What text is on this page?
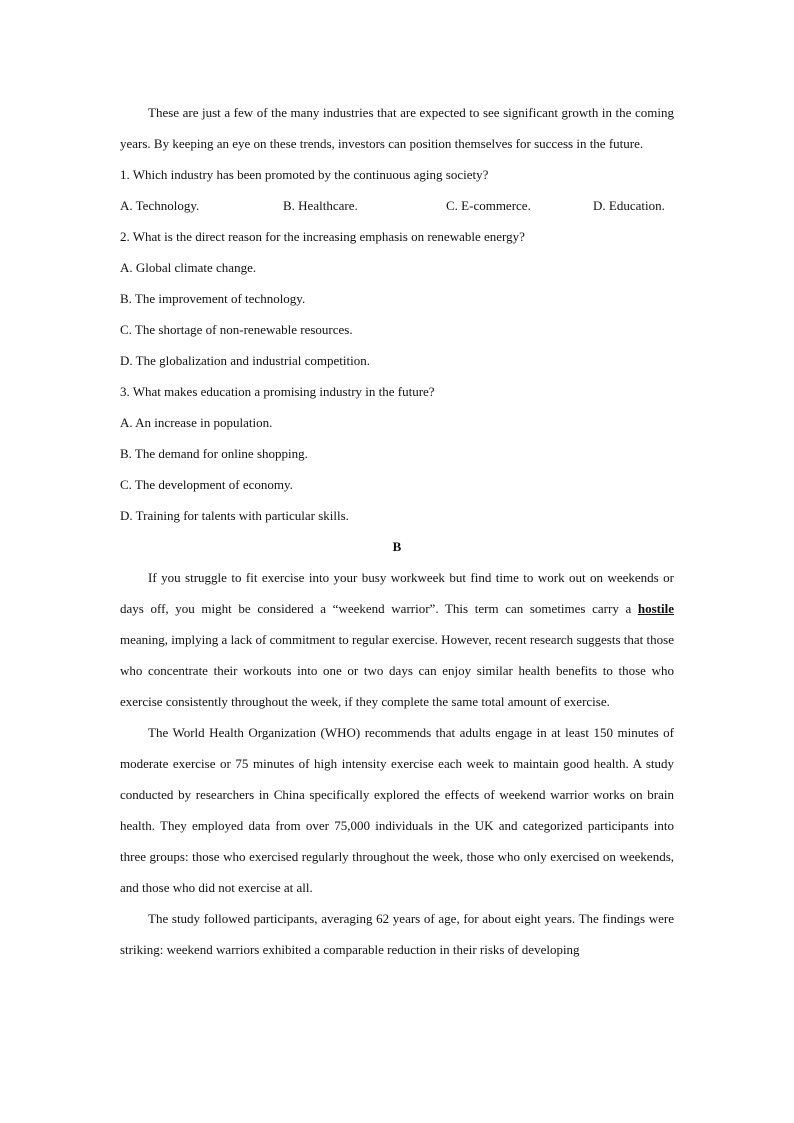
These are just a few of the many industries that are expected to see significant growth in the coming years. By keeping an eye on these trends, investors can position themselves for success in the future.

1. Which industry has been promoted by the continuous aging society?

A. Technology.	B. Healthcare.	C. E-commerce.	D. Education.

2. What is the direct reason for the increasing emphasis on renewable energy?

A. Global climate change.

B. The improvement of technology.

C. The shortage of non-renewable resources.

D. The globalization and industrial competition.

3. What makes education a promising industry in the future?

A. An increase in population.

B. The demand for online shopping.

C. The development of economy.

D. Training for talents with particular skills.

B

If you struggle to fit exercise into your busy workweek but find time to work out on weekends or days off, you might be considered a “weekend warrior”. This term can sometimes carry a hostile meaning, implying a lack of commitment to regular exercise. However, recent research suggests that those who concentrate their workouts into one or two days can enjoy similar health benefits to those who exercise consistently throughout the week, if they complete the same total amount of exercise.

The World Health Organization (WHO) recommends that adults engage in at least 150 minutes of moderate exercise or 75 minutes of high intensity exercise each week to maintain good health. A study conducted by researchers in China specifically explored the effects of weekend warrior works on brain health. They employed data from over 75,000 individuals in the UK and categorized participants into three groups: those who exercised regularly throughout the week, those who only exercised on weekends, and those who did not exercise at all.

The study followed participants, averaging 62 years of age, for about eight years. The findings were striking: weekend warriors exhibited a comparable reduction in their risks of developing
